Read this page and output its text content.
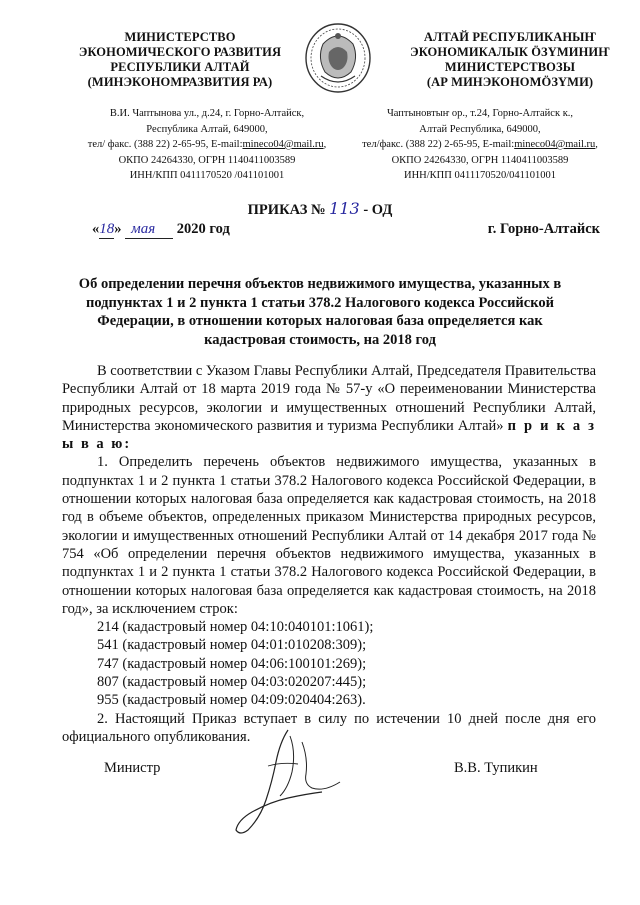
МИНИСТЕРСТВО
ЭКОНОМИЧЕСКОГО РАЗВИТИЯ
РЕСПУБЛИКИ АЛТАЙ
(МИНЭКОНОМРАЗВИТИЯ РА)
АЛТАЙ РЕСПУБЛИКАНЫҤ
ЭКОНОМИКАЛЫК ӦЗҮМИНИҤ
МИНИСТЕРСТВОЗЫ
(АР МИНЭКОНОМӦЗҮМИ)
В.И. Чаптынова ул., д.24, г. Горно-Алтайск,
Республика Алтай, 649000,
тел/ факс. (388 22) 2-65-95, E-mail:mineco04@mail.ru,
ОКПО 24264330, ОГРН 1140411003589
ИНН/КПП 0411170520 /041101001
Чаптыновтыҥ ор., т.24, Горно-Алтайск к.,
Алтай Республика, 649000,
тел/факс. (388 22) 2-65-95, E-mail:mineco04@mail.ru,
ОКПО 24264330, ОГРН 1140411003589
ИНН/КПП 0411170520/041101001
ПРИКАЗ № 113 - ОД
«18» мая 2020 год	г. Горно-Алтайск
Об определении перечня объектов недвижимого имущества, указанных в подпунктах 1 и 2 пункта 1 статьи 378.2 Налогового кодекса Российской Федерации, в отношении которых налоговая база определяется как кадастровая стоимость, на 2018 год

В соответствии с Указом Главы Республики Алтай, Председателя Правительства Республики Алтай от 18 марта 2019 года № 57-у «О переименовании Министерства природных ресурсов, экологии и имущественных отношений Республики Алтай, Министерства экономического развития и туризма Республики Алтай» п р и к а з ы в а ю:

1. Определить перечень объектов недвижимого имущества, указанных в подпунктах 1 и 2 пункта 1 статьи 378.2 Налогового кодекса Российской Федерации, в отношении которых налоговая база определяется как кадастровая стоимость, на 2018 год в объеме объектов, определенных приказом Министерства природных ресурсов, экологии и имущественных отношений Республики Алтай от 14 декабря 2017 года № 754 «Об определении перечня объектов недвижимого имущества, указанных в подпунктах 1 и 2 пункта 1 статьи 378.2 Налогового кодекса Российской Федерации, в отношении которых налоговая база определяется как кадастровая стоимость, на 2018 год», за исключением строк:

214 (кадастровый номер 04:10:040101:1061);
541 (кадастровый номер 04:01:010208:309);
747 (кадастровый номер 04:06:100101:269);
807 (кадастровый номер 04:03:020207:445);
955 (кадастровый номер 04:09:020404:263).

2. Настоящий Приказ вступает в силу по истечении 10 дней после дня его официального опубликования.

Министр	В.В. Тупикин
